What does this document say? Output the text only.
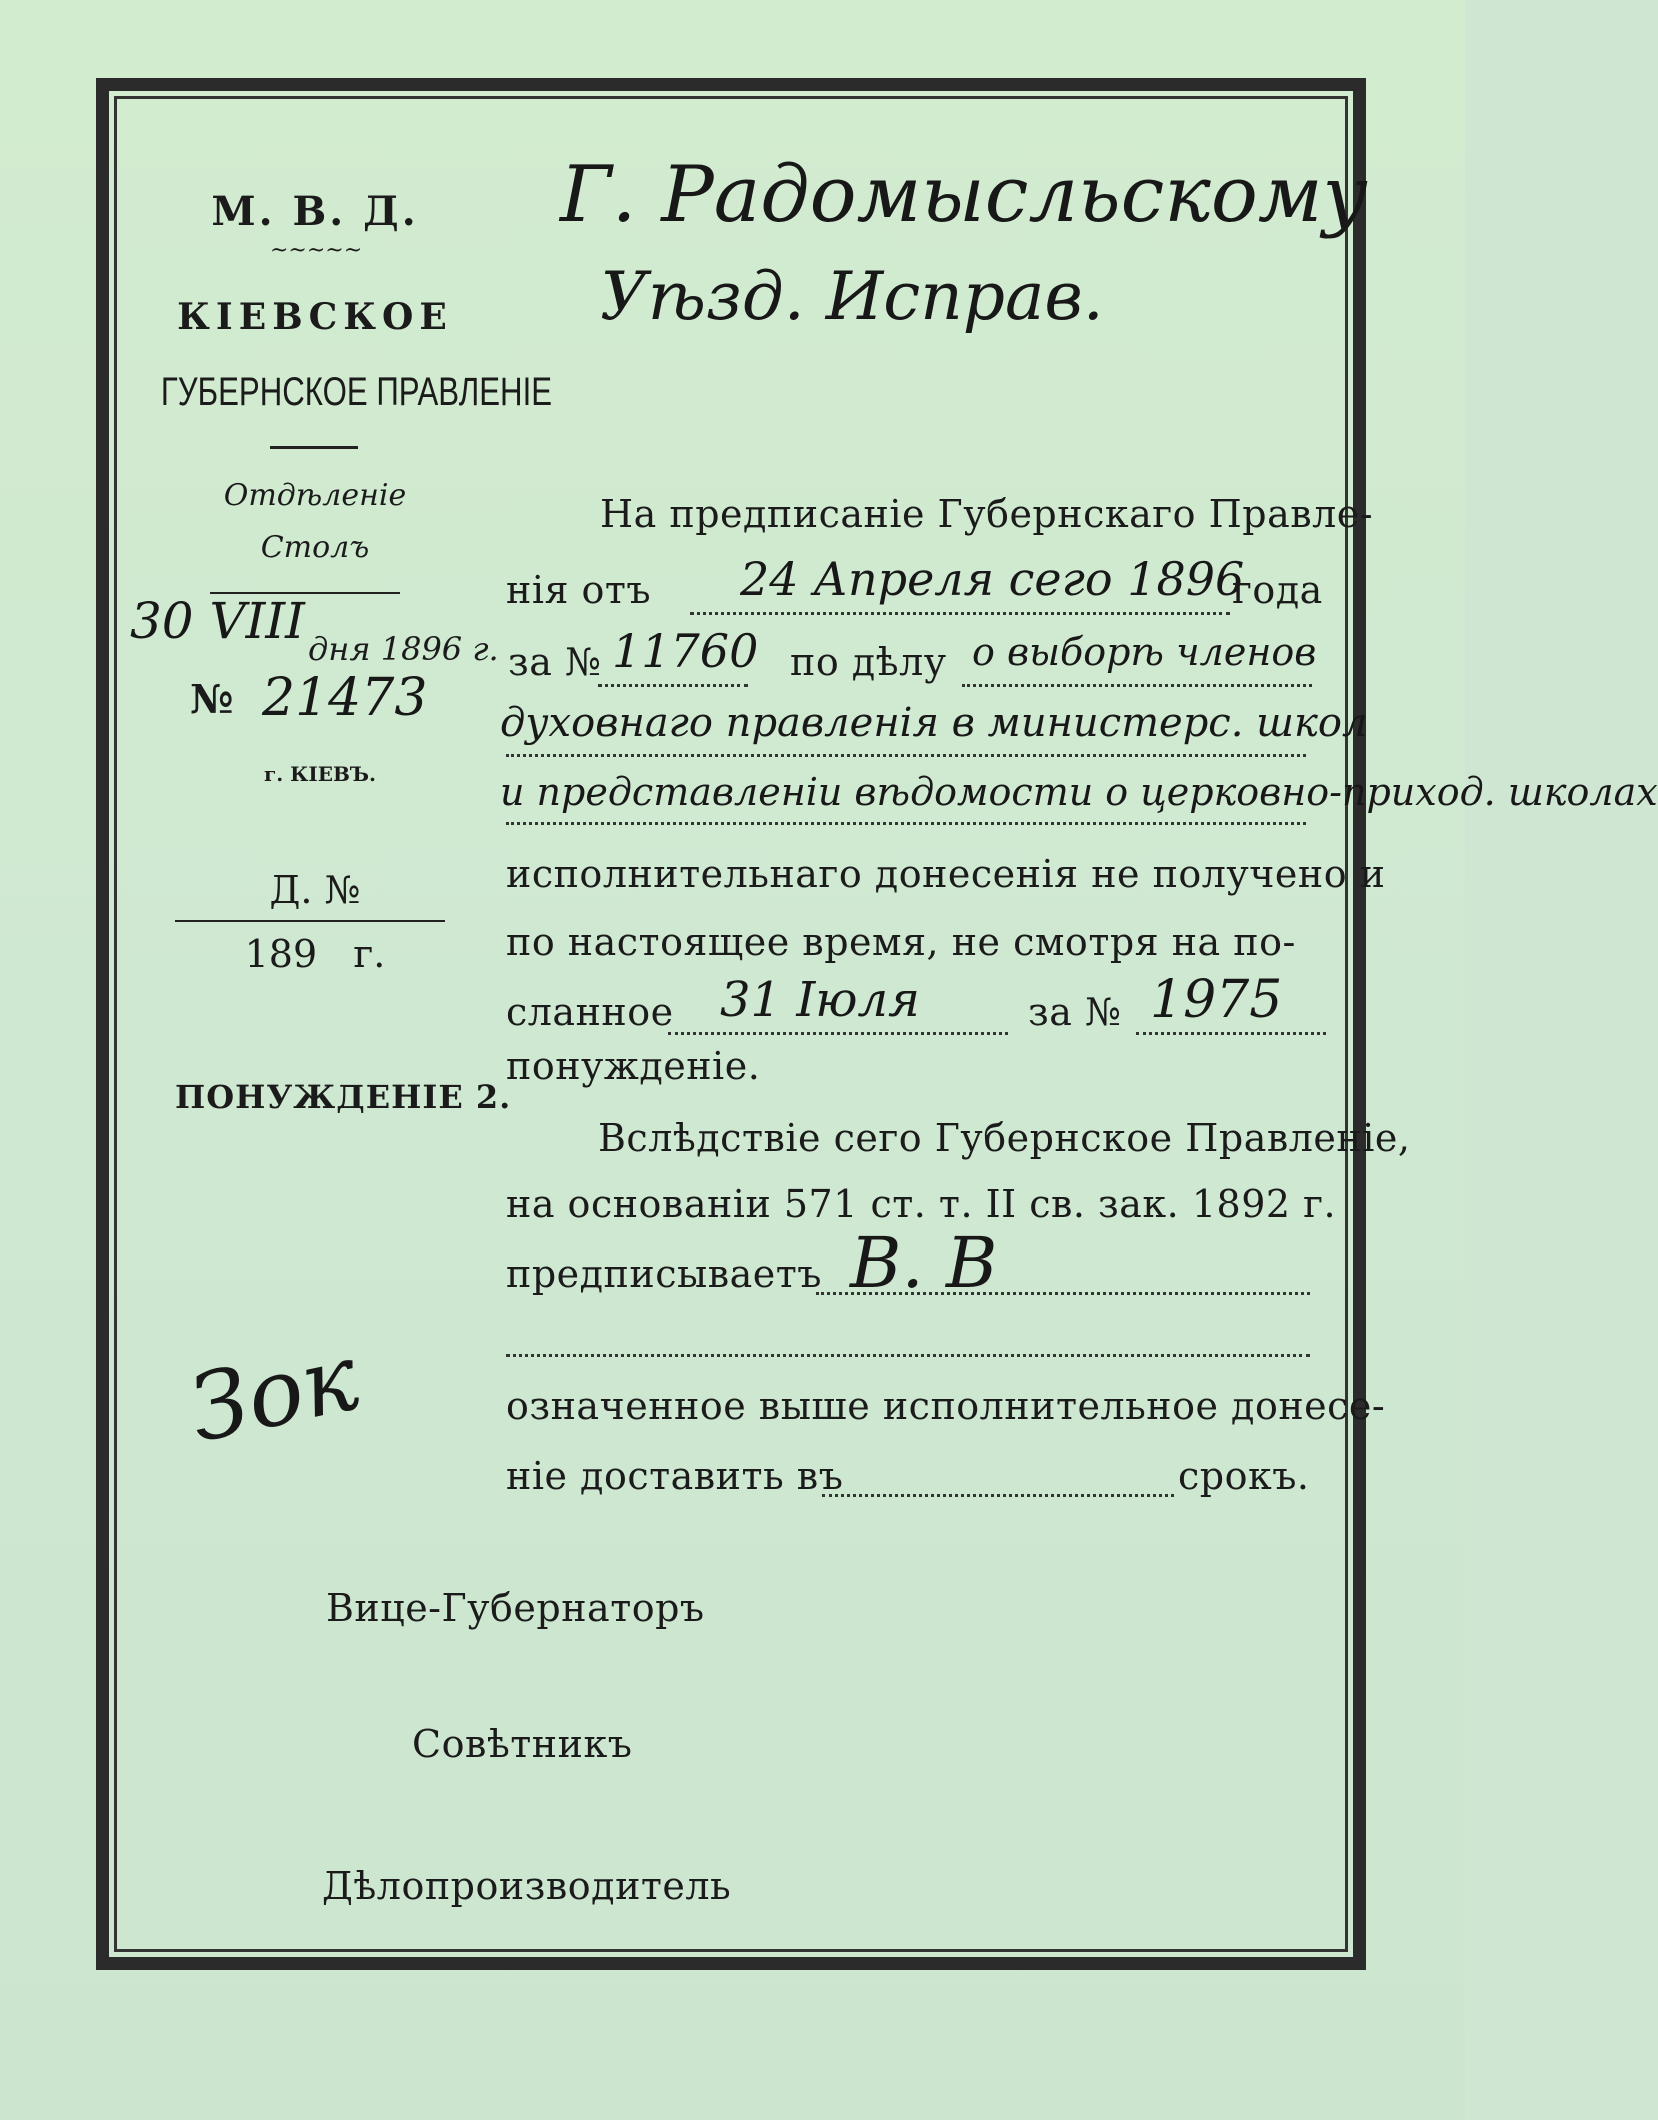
М. В. Д.
~~~~~
КІЕВСКОЕ
ГУБЕРНСКОЕ ПРАВЛЕНІЕ
Отдѣленіе
Столъ
30 VIII дня 1896 г.
№ 21473
г. КІЕВЪ.
Д. №
189   г.
ПОНУЖДЕНІЕ 2.
Зок
Г. Радомысльскому
Уѣзд. Исправ.
На предписаніе Губернскаго Правле-
нія отъ 24 Апреля сего 1896
года
за № 11760 по дѣлу о выборѣ членов
духовнаго правленія в министерс. школ
и представленіи вѣдомости о церковно-приход. школах
исполнительнаго донесенія не получено и
по настоящее время, не смотря на по-
сланное 31 Іюля	за № 1975
понужденіе.
Вслѣдствіе сего Губернское Правленіе,
на основаніи 571 ст. т. II св. зак. 1892 г.
предписываетъ В. В
означенное выше исполнительное донесе-
ніе доставить въ	срокъ.
Вице-Губернаторъ
Совѣтникъ
Дѣлопроизводитель
